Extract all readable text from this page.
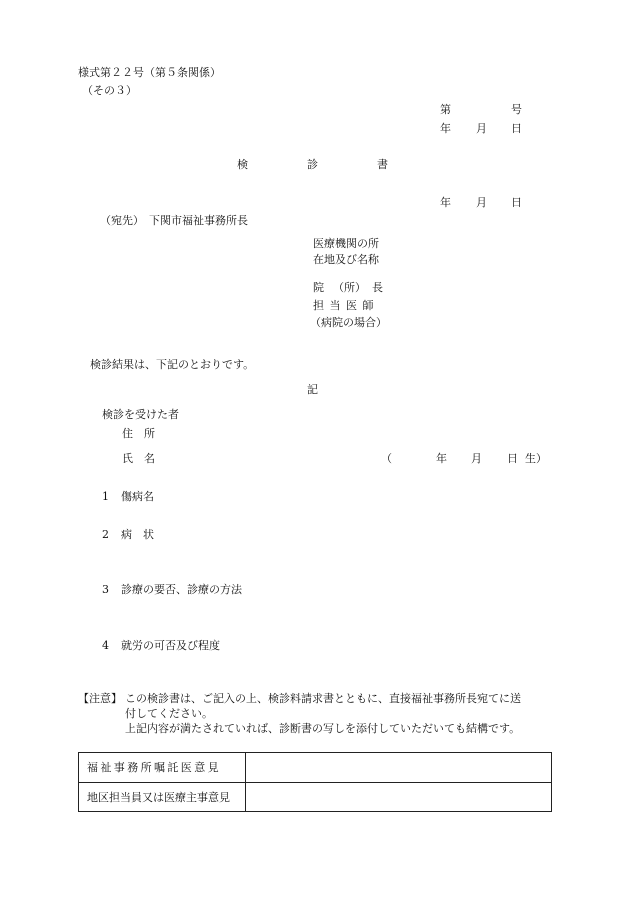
様式第２２号（第５条関係）
（その３）
第	号
年 月 日
検	診	書
年 月 日
（宛先） 下関市福祉事務所長
医療機関の所
在地及び名称
院 （所） 長
担 当 医 師
（病院の場合）
検診結果は、下記のとおりです。
記
検診を受けた者
住　所
氏　名	（	年 月 日 生）
1 傷病名
2 病　状
3 診療の要否、診療の方法
4 就労の可否及び程度
【注意】 この検診書は、ご記入の上、検診料請求書とともに、直接福祉事務所長宛てに送
付してください。
上記内容が満たされていれば、診断書の写しを添付していただいても結構です。
福祉事務所嘱託医意見
地区担当員又は医療主事意見
